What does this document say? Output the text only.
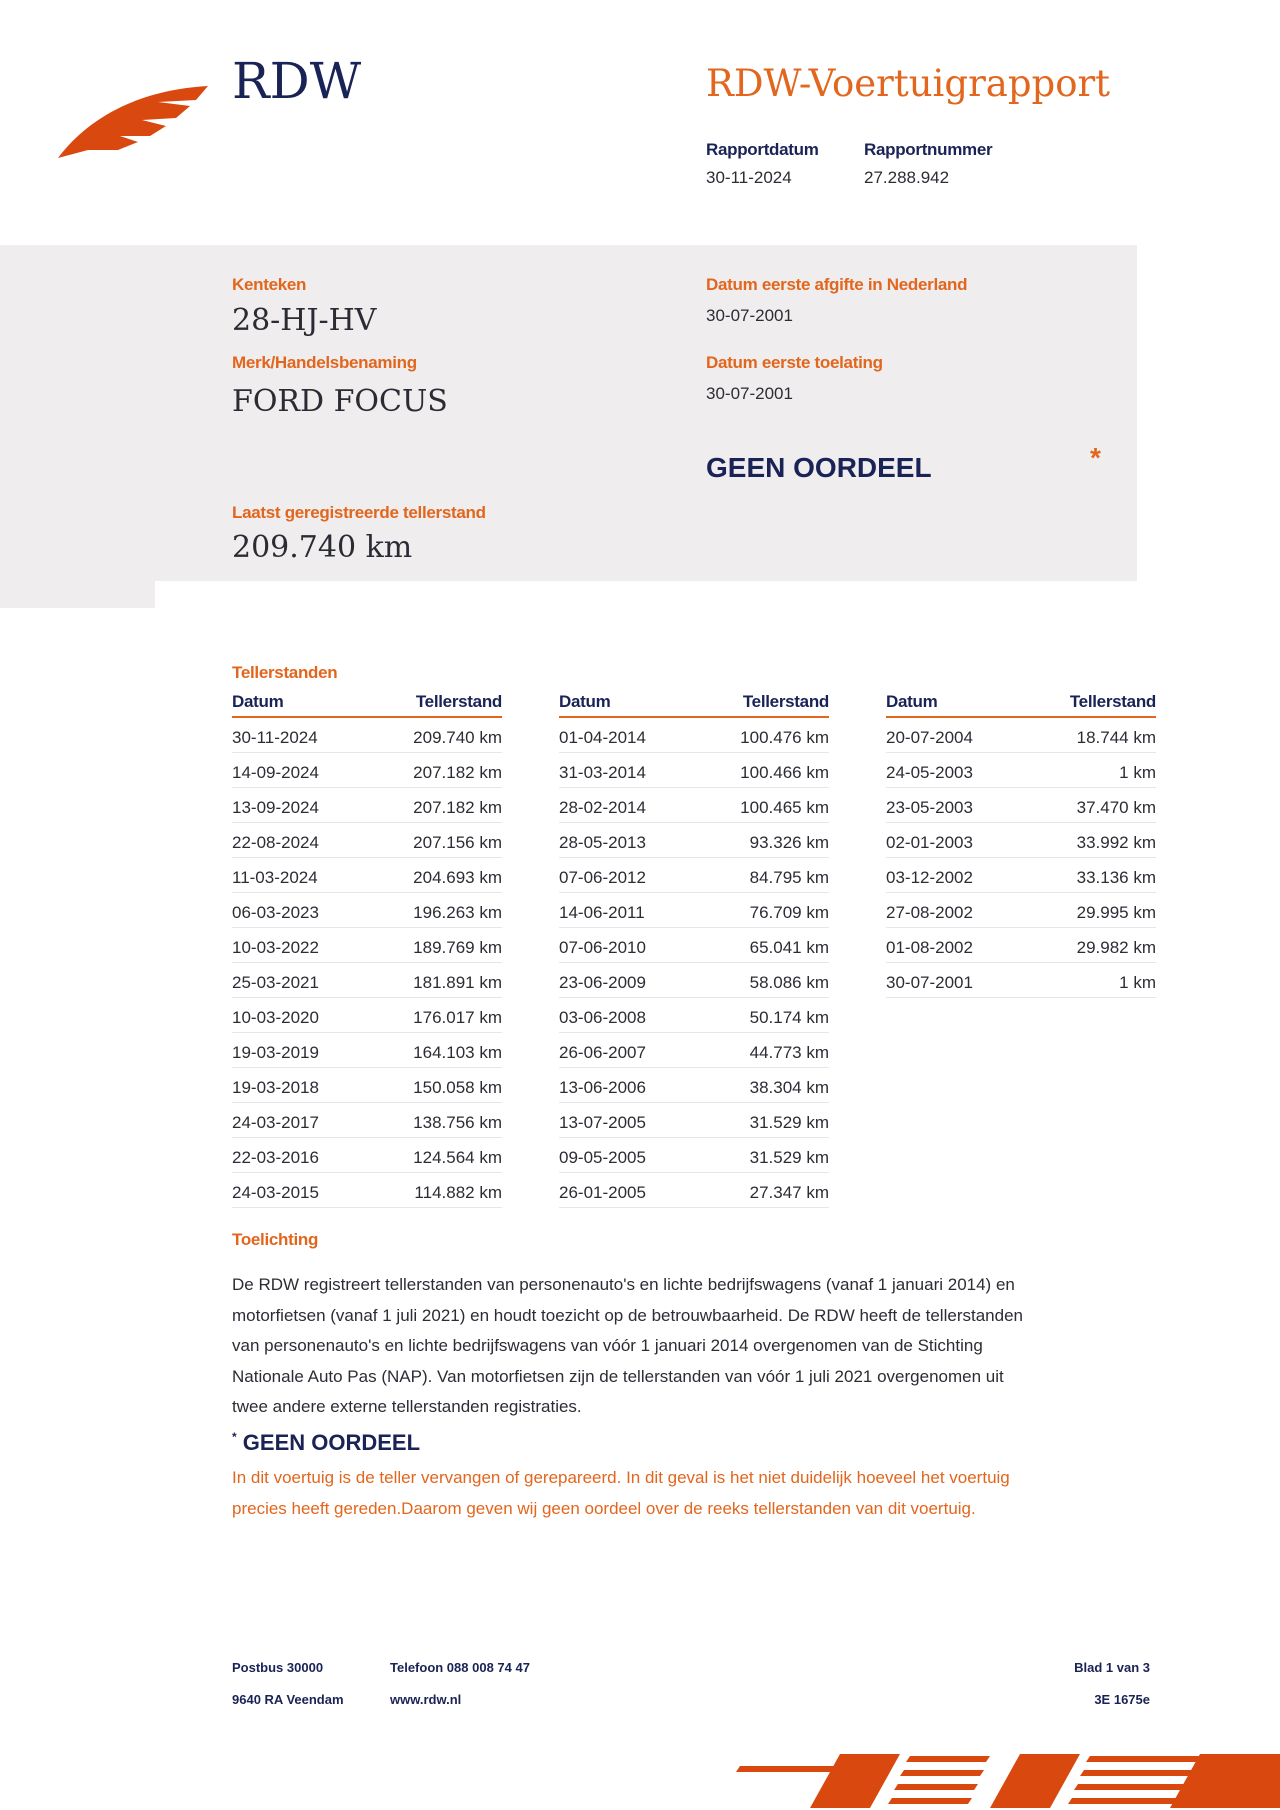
RDW	RDW-Voertuigrapport
Rapportdatum
30-11-2024
Rapportnummer
27.288.942
Kenteken
28-HJ-HV
Merk/Handelsbenaming
FORD FOCUS
Datum eerste afgifte in Nederland
30-07-2001
Datum eerste toelating
30-07-2001
GEEN OORDEEL	*
Laatst geregistreerde tellerstand
209.740 km
Tellerstanden
Datum	Tellerstand
30-11-2024	209.740 km
14-09-2024	207.182 km
13-09-2024	207.182 km
22-08-2024	207.156 km
11-03-2024	204.693 km
06-03-2023	196.263 km
10-03-2022	189.769 km
25-03-2021	181.891 km
10-03-2020	176.017 km
19-03-2019	164.103 km
19-03-2018	150.058 km
24-03-2017	138.756 km
22-03-2016	124.564 km
24-03-2015	114.882 km
Datum	Tellerstand
01-04-2014	100.476 km
31-03-2014	100.466 km
28-02-2014	100.465 km
28-05-2013	93.326 km
07-06-2012	84.795 km
14-06-2011	76.709 km
07-06-2010	65.041 km
23-06-2009	58.086 km
03-06-2008	50.174 km
26-06-2007	44.773 km
13-06-2006	38.304 km
13-07-2005	31.529 km
09-05-2005	31.529 km
26-01-2005	27.347 km
Datum	Tellerstand
20-07-2004	18.744 km
24-05-2003	1 km
23-05-2003	37.470 km
02-01-2003	33.992 km
03-12-2002	33.136 km
27-08-2002	29.995 km
01-08-2002	29.982 km
30-07-2001	1 km
Toelichting
De RDW registreert tellerstanden van personenauto's en lichte bedrijfswagens (vanaf 1 januari 2014) en
motorfietsen (vanaf 1 juli 2021) en houdt toezicht op de betrouwbaarheid. De RDW heeft de tellerstanden
van personenauto's en lichte bedrijfswagens van vóór 1 januari 2014 overgenomen van de Stichting
Nationale Auto Pas (NAP). Van motorfietsen zijn de tellerstanden van vóór 1 juli 2021 overgenomen uit
twee andere externe tellerstanden registraties.
* GEEN OORDEEL
In dit voertuig is de teller vervangen of gerepareerd. In dit geval is het niet duidelijk hoeveel het voertuig
precies heeft gereden.Daarom geven wij geen oordeel over de reeks tellerstanden van dit voertuig.
Postbus 30000
9640 RA Veendam
Telefoon 088 008 74 47
www.rdw.nl
Blad 1 van 3
3E 1675e
